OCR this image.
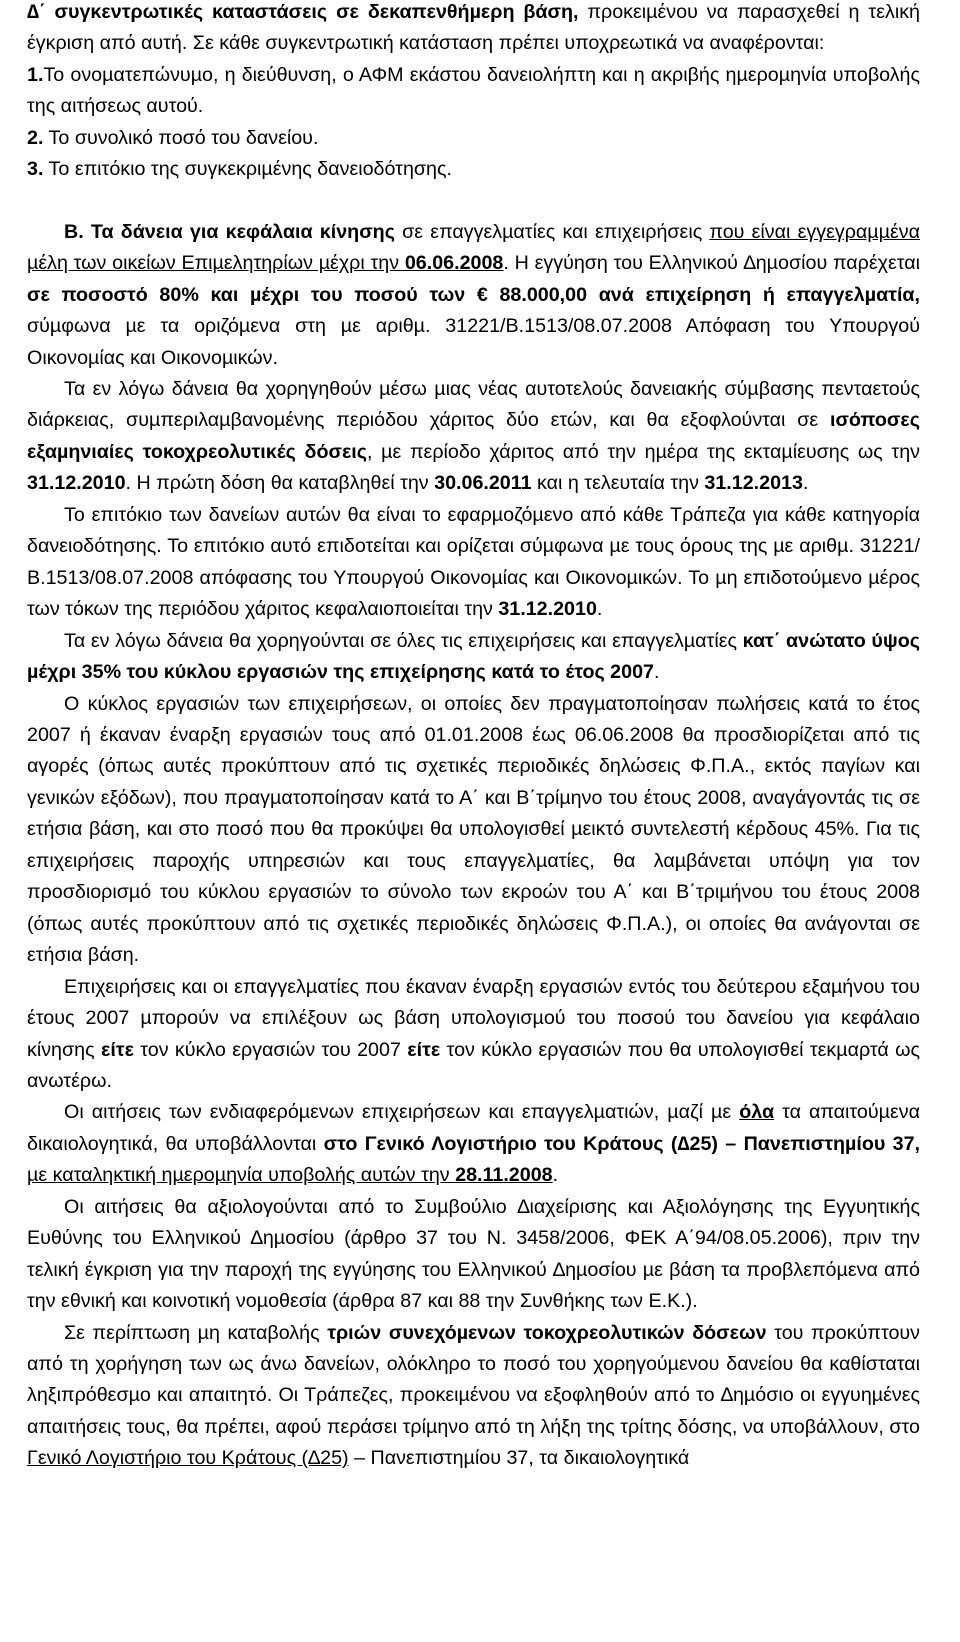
∆΄ συγκεντρωτικές καταστάσεις σε δεκαπενθήµερη βάση, προκειµένου να παρασχεθεί η τελική έγκριση από αυτή. Σε κάθε συγκεντρωτική κατάσταση πρέπει υποχρεωτικά να αναφέρονται:

1.Το ονοµατεπώνυµο, η διεύθυνση, ο ΑΦΜ εκάστου δανειολήπτη και η ακριβής ηµεροµηνία υποβολής της αιτήσεως αυτού.

2. Το συνολικό ποσό του δανείου.

3. Το επιτόκιο της συγκεκριµένης δανειοδότησης.

Β. Τα δάνεια για κεφάλαια κίνησης σε επαγγελµατίες και επιχειρήσεις που είναι εγγεγραµµένα µέλη των οικείων Επιµελητηρίων µέχρι την 06.06.2008. Η εγγύηση του Ελληνικού ∆ηµοσίου παρέχεται σε ποσοστό 80% και µέχρι του ποσού των € 88.000,00 ανά επιχείρηση ή επαγγελµατία, σύµφωνα µε τα οριζόµενα στη µε αριθµ. 31221/Β.1513/08.07.2008 Απόφαση του Υπουργού Οικονοµίας και Οικονοµικών.

Τα εν λόγω δάνεια θα χορηγηθούν µέσω µιας νέας αυτοτελούς δανειακής σύµβασης πενταετούς διάρκειας, συµπεριλαµβανοµένης περιόδου χάριτος δύο ετών, και θα εξοφλούνται σε ισόποσες εξαµηνιαίες τοκοχρεολυτικές δόσεις, µε περίοδο χάριτος από την ηµέρα της εκταµίευσης ως την 31.12.2010. Η πρώτη δόση θα καταβληθεί την 30.06.2011 και η τελευταία την 31.12.2013.

Το επιτόκιο των δανείων αυτών θα είναι το εφαρµοζόµενο από κάθε Τράπεζα για κάθε κατηγορία δανειοδότησης. Το επιτόκιο αυτό επιδοτείται και ορίζεται σύµφωνα µε τους όρους της µε αριθµ. 31221/Β.1513/08.07.2008 απόφασης του Υπουργού Οικονοµίας και Οικονοµικών. Το µη επιδοτούµενο µέρος των τόκων της περιόδου χάριτος κεφαλαιοποιείται την 31.12.2010.

Τα εν λόγω δάνεια θα χορηγούνται σε όλες τις επιχειρήσεις και επαγγελµατίες κατ΄ ανώτατο ύψος µέχρι 35% του κύκλου εργασιών της επιχείρησης κατά το έτος 2007.

Ο κύκλος εργασιών των επιχειρήσεων, οι οποίες δεν πραγµατοποίησαν πωλήσεις κατά το έτος 2007 ή έκαναν έναρξη εργασιών τους από 01.01.2008 έως 06.06.2008 θα προσδιορίζεται από τις αγορές (όπως αυτές προκύπτουν από τις σχετικές περιοδικές δηλώσεις Φ.Π.Α., εκτός παγίων και γενικών εξόδων), που πραγµατοποίησαν κατά το Α΄ και Β΄τρίµηνο του έτους 2008, αναγάγοντάς τις σε ετήσια βάση, και στο ποσό που θα προκύψει θα υπολογισθεί µεικτό συντελεστή κέρδους 45%. Για τις επιχειρήσεις παροχής υπηρεσιών και τους επαγγελµατίες, θα λαµβάνεται υπόψη για τον προσδιορισµό του κύκλου εργασιών το σύνολο των εκροών του Α΄ και Β΄τριµήνου του έτους 2008 (όπως αυτές προκύπτουν από τις σχετικές περιοδικές δηλώσεις Φ.Π.Α.), οι οποίες θα ανάγονται σε ετήσια βάση.

Επιχειρήσεις και οι επαγγελµατίες που έκαναν έναρξη εργασιών εντός του δεύτερου εξαµήνου του έτους 2007 µπορούν να επιλέξουν ως βάση υπολογισµού του ποσού του δανείου για κεφάλαιο κίνησης είτε τον κύκλο εργασιών του 2007 είτε τον κύκλο εργασιών που θα υπολογισθεί τεκµαρτά ως ανωτέρω.

Οι αιτήσεις των ενδιαφερόµενων επιχειρήσεων και επαγγελµατιών, µαζί µε όλα τα απαιτούµενα δικαιολογητικά, θα υποβάλλονται στο Γενικό Λογιστήριο του Κράτους (∆25) – Πανεπιστηµίου 37, µε καταληκτική ηµεροµηνία υποβολής αυτών την 28.11.2008.

Οι αιτήσεις θα αξιολογούνται από το Συµβούλιο ∆ιαχείρισης και Αξιολόγησης της Εγγυητικής Ευθύνης του Ελληνικού ∆ηµοσίου (άρθρο 37 του Ν. 3458/2006, ΦΕΚ Α΄94/08.05.2006), πριν την τελική έγκριση για την παροχή της εγγύησης του Ελληνικού ∆ηµοσίου µε βάση τα προβλεπόµενα από την εθνική και κοινοτική νοµοθεσία (άρθρα 87 και 88 την Συνθήκης των Ε.Κ.).

Σε περίπτωση µη καταβολής τριών συνεχόµενων τοκοχρεολυτικών δόσεων του προκύπτουν από τη χορήγηση των ως άνω δανείων, ολόκληρο το ποσό του χορηγούµενου δανείου θα καθίσταται ληξιπρόθεσµο και απαιτητό. Οι Τράπεζες, προκειµένου να εξοφληθούν από το ∆ηµόσιο οι εγγυηµένες απαιτήσεις τους, θα πρέπει, αφού περάσει τρίµηνο από τη λήξη της τρίτης δόσης, να υποβάλλουν, στο Γενικό Λογιστήριο του Κράτους (∆25) – Πανεπιστηµίου 37, τα δικαιολογητικά
